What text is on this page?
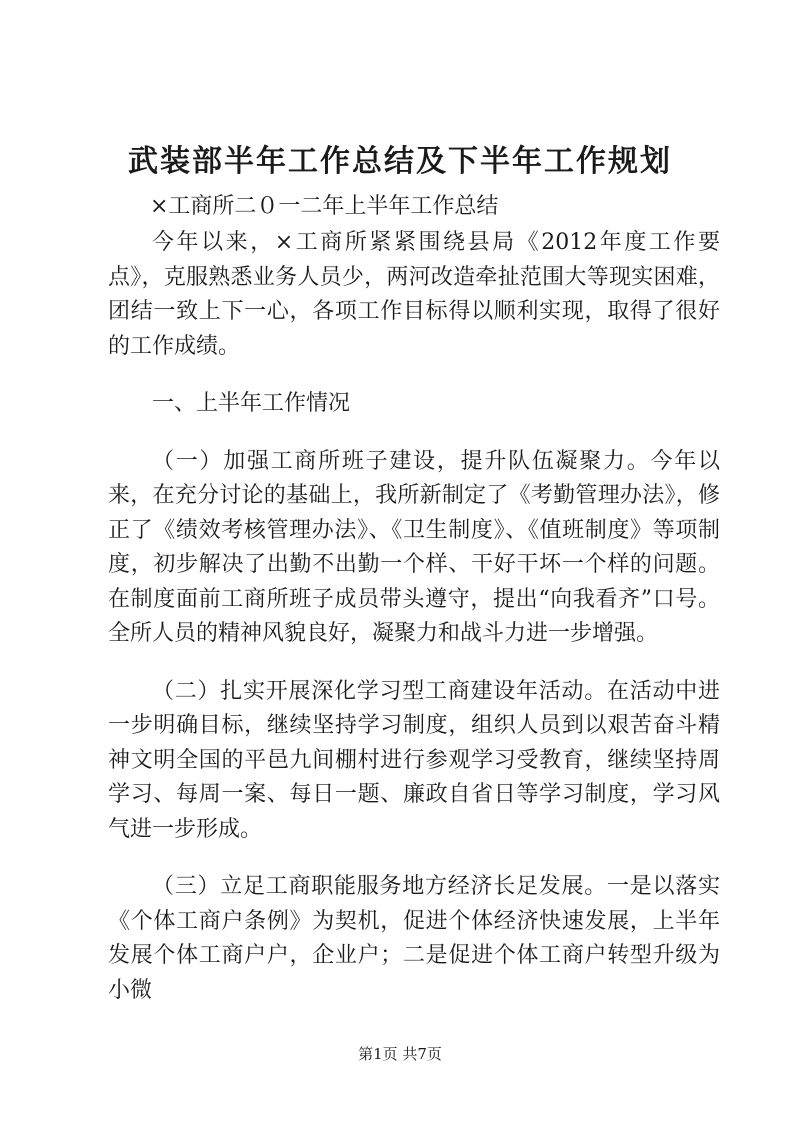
武装部半年工作总结及下半年工作规划

×工商所二０一二年上半年工作总结

今年以来，×工商所紧紧围绕县局《2012年度工作要点》，克服熟悉业务人员少，两河改造牵扯范围大等现实困难，团结一致上下一心，各项工作目标得以顺利实现，取得了很好的工作成绩。

一、上半年工作情况

（一）加强工商所班子建设，提升队伍凝聚力。今年以来，在充分讨论的基础上，我所新制定了《考勤管理办法》，修正了《绩效考核管理办法》、《卫生制度》、《值班制度》等项制度，初步解决了出勤不出勤一个样、干好干坏一个样的问题。在制度面前工商所班子成员带头遵守，提出“向我看齐”口号。全所人员的精神风貌良好，凝聚力和战斗力进一步增强。

（二）扎实开展深化学习型工商建设年活动。在活动中进一步明确目标，继续坚持学习制度，组织人员到以艰苦奋斗精神文明全国的平邑九间棚村进行参观学习受教育，继续坚持周学习、每周一案、每日一题、廉政自省日等学习制度，学习风气进一步形成。

（三）立足工商职能服务地方经济长足发展。一是以落实《个体工商户条例》为契机，促进个体经济快速发展，上半年发展个体工商户户，企业户；二是促进个体工商户转型升级为小微

第1页 共7页
